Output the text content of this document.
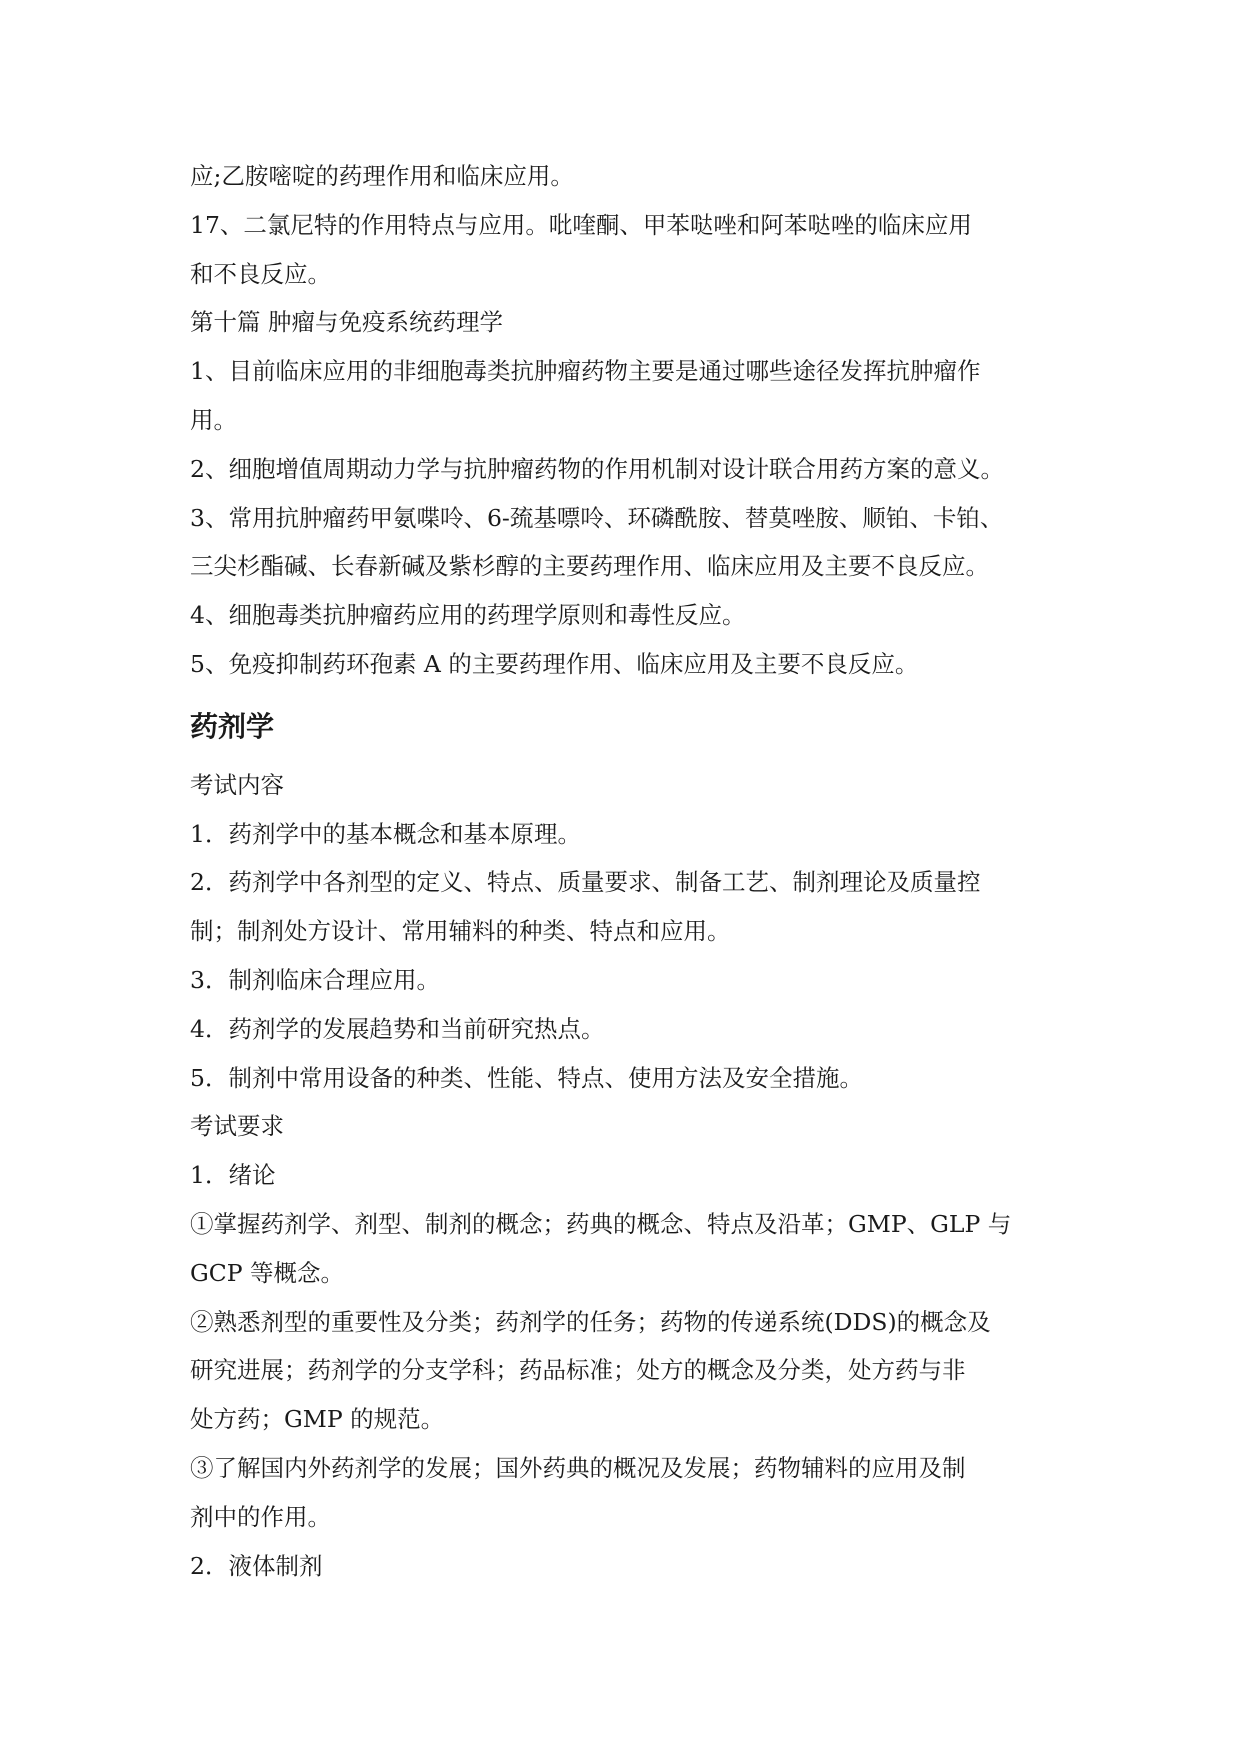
应;乙胺嘧啶的药理作用和临床应用。
17、二氯尼特的作用特点与应用。吡喹酮、甲苯哒唑和阿苯哒唑的临床应用
和不良反应。
第十篇 肿瘤与免疫系统药理学
1、目前临床应用的非细胞毒类抗肿瘤药物主要是通过哪些途径发挥抗肿瘤作
用。
2、细胞增值周期动力学与抗肿瘤药物的作用机制对设计联合用药方案的意义。
3、常用抗肿瘤药甲氨喋呤、6-巯基嘌呤、环磷酰胺、替莫唑胺、顺铂、卡铂、
三尖杉酯碱、长春新碱及紫杉醇的主要药理作用、临床应用及主要不良反应。
4、细胞毒类抗肿瘤药应用的药理学原则和毒性反应。
5、免疫抑制药环孢素 A 的主要药理作用、临床应用及主要不良反应。
药剂学
考试内容
1．药剂学中的基本概念和基本原理。
2．药剂学中各剂型的定义、特点、质量要求、制备工艺、制剂理论及质量控
制；制剂处方设计、常用辅料的种类、特点和应用。
3．制剂临床合理应用。
4．药剂学的发展趋势和当前研究热点。
5．制剂中常用设备的种类、性能、特点、使用方法及安全措施。
考试要求
1．绪论
①掌握药剂学、剂型、制剂的概念；药典的概念、特点及沿革；GMP、GLP 与
GCP 等概念。
②熟悉剂型的重要性及分类；药剂学的任务；药物的传递系统(DDS)的概念及
研究进展；药剂学的分支学科；药品标准；处方的概念及分类，处方药与非
处方药；GMP 的规范。
③了解国内外药剂学的发展；国外药典的概况及发展；药物辅料的应用及制
剂中的作用。
2．液体制剂
